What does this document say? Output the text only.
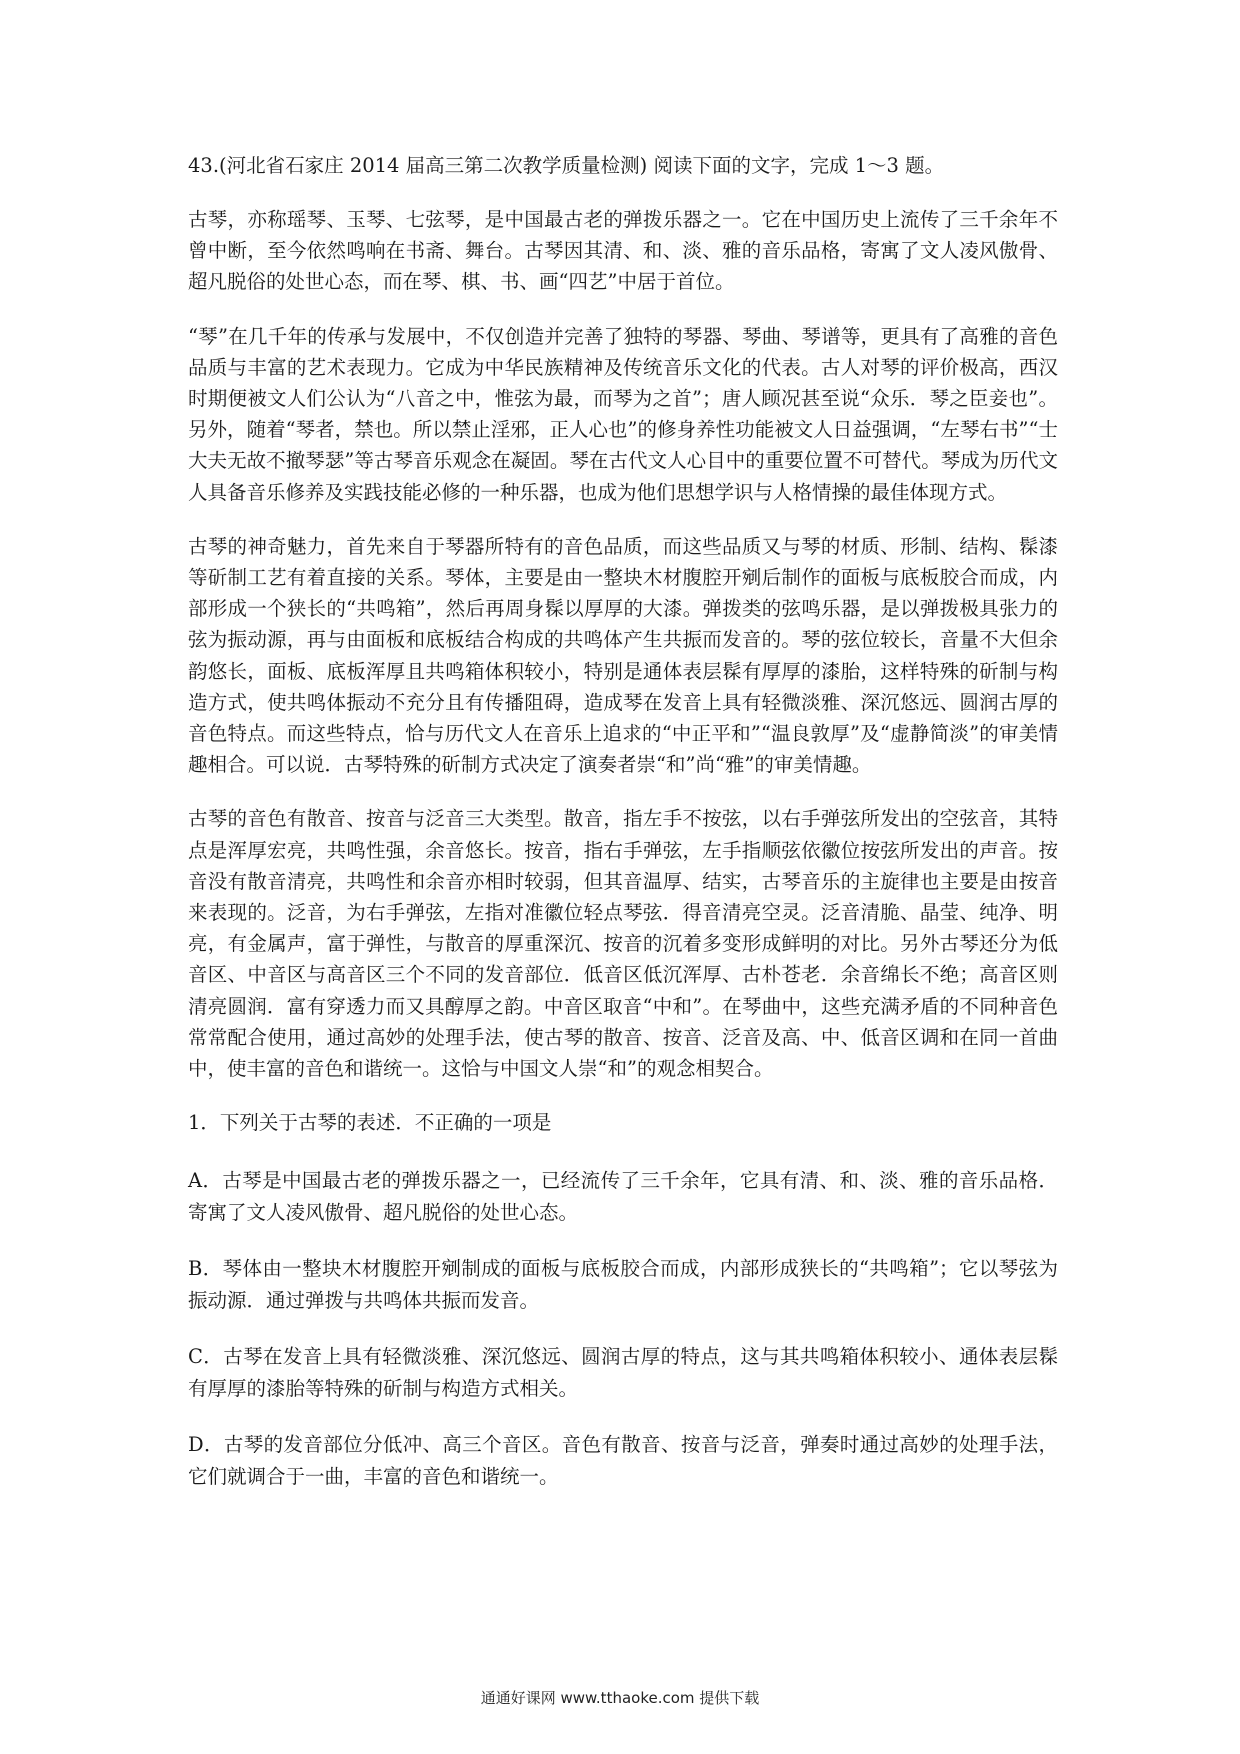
43.(河北省石家庄 2014 届高三第二次教学质量检测) 阅读下面的文字，完成 1～3 题。

古琴，亦称瑶琴、玉琴、七弦琴，是中国最古老的弹拨乐器之一。它在中国历史上流传了三千余年不曾中断，至今依然鸣响在书斋、舞台。古琴因其清、和、淡、雅的音乐品格，寄寓了文人凌风傲骨、超凡脱俗的处世心态，而在琴、棋、书、画“四艺”中居于首位。

“琴”在几千年的传承与发展中，不仅创造并完善了独特的琴器、琴曲、琴谱等，更具有了高雅的音色品质与丰富的艺术表现力。它成为中华民族精神及传统音乐文化的代表。古人对琴的评价极高，西汉时期便被文人们公认为“八音之中，惟弦为最，而琴为之首”；唐人顾况甚至说“众乐．琴之臣妾也”。另外，随着“琴者，禁也。所以禁止淫邪，正人心也”的修身养性功能被文人日益强调，“左琴右书”“士大夫无故不撤琴瑟”等古琴音乐观念在凝固。琴在古代文人心目中的重要位置不可替代。琴成为历代文人具备音乐修养及实践技能必修的一种乐器，也成为他们思想学识与人格情操的最佳体现方式。

古琴的神奇魅力，首先来自于琴器所特有的音色品质，而这些品质又与琴的材质、形制、结构、髹漆等斫制工艺有着直接的关系。琴体，主要是由一整块木材腹腔开剜后制作的面板与底板胶合而成，内部形成一个狭长的“共鸣箱”，然后再周身髹以厚厚的大漆。弹拨类的弦鸣乐器，是以弹拨极具张力的弦为振动源，再与由面板和底板结合构成的共鸣体产生共振而发音的。琴的弦位较长，音量不大但余韵悠长，面板、底板浑厚且共鸣箱体积较小，特别是通体表层髹有厚厚的漆胎，这样特殊的斫制与构造方式，使共鸣体振动不充分且有传播阻碍，造成琴在发音上具有轻微淡雅、深沉悠远、圆润古厚的音色特点。而这些特点，恰与历代文人在音乐上追求的“中正平和”“温良敦厚”及“虚静简淡”的审美情趣相合。可以说．古琴特殊的斫制方式决定了演奏者崇“和”尚“雅”的审美情趣。

古琴的音色有散音、按音与泛音三大类型。散音，指左手不按弦，以右手弹弦所发出的空弦音，其特点是浑厚宏亮，共鸣性强，余音悠长。按音，指右手弹弦，左手指顺弦依徽位按弦所发出的声音。按音没有散音清亮，共鸣性和余音亦相时较弱，但其音温厚、结实，古琴音乐的主旋律也主要是由按音来表现的。泛音，为右手弹弦，左指对准徽位轻点琴弦．得音清亮空灵。泛音清脆、晶莹、纯净、明亮，有金属声，富于弹性，与散音的厚重深沉、按音的沉着多变形成鲜明的对比。另外古琴还分为低音区、中音区与高音区三个不同的发音部位．低音区低沉浑厚、古朴苍老．余音绵长不绝；高音区则清亮圆润．富有穿透力而又具醇厚之韵。中音区取音“中和”。在琴曲中，这些充满矛盾的不同种音色常常配合使用，通过高妙的处理手法，使古琴的散音、按音、泛音及高、中、低音区调和在同一首曲中，使丰富的音色和谐统一。这恰与中国文人崇“和”的观念相契合。

1．下列关于古琴的表述．不正确的一项是

A．古琴是中国最古老的弹拨乐器之一，已经流传了三千余年，它具有清、和、淡、雅的音乐品格．寄寓了文人凌风傲骨、超凡脱俗的处世心态。

B．琴体由一整块木材腹腔开剜制成的面板与底板胶合而成，内部形成狭长的“共鸣箱”；它以琴弦为振动源．通过弹拨与共鸣体共振而发音。

C．古琴在发音上具有轻微淡雅、深沉悠远、圆润古厚的特点，这与其共鸣箱体积较小、通体表层髹有厚厚的漆胎等特殊的斫制与构造方式相关。

D．古琴的发音部位分低冲、高三个音区。音色有散音、按音与泛音，弹奏时通过高妙的处理手法，它们就调合于一曲，丰富的音色和谐统一。

通通好课网 www.tthaoke.com 提供下载
